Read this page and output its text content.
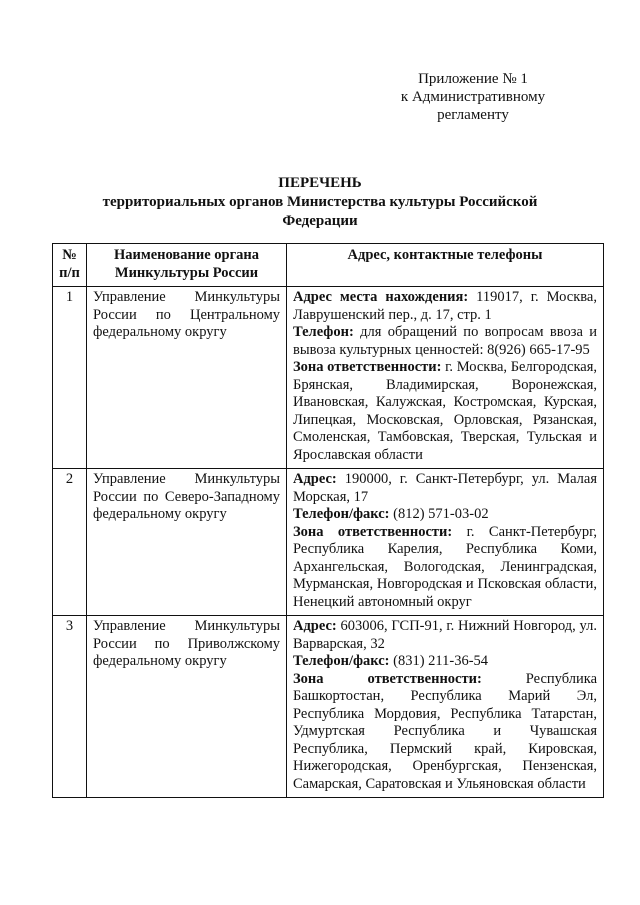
Приложение № 1
к Административному
регламенту
ПЕРЕЧЕНЬ
территориальных органов Министерства культуры Российской Федерации
№ п/п	Наименование органа Минкультуры России	Адрес, контактные телефоны
1	Управление Минкультуры России по Центральному федеральному округу	Адрес места нахождения: 119017, г. Москва, Лаврушенский пер., д. 17, стр. 1

Телефон: для обращений по вопросам ввоза и вывоза культурных ценностей: 8(926) 665-17-95

Зона ответственности: г. Москва, Белгородская, Брянская, Владимирская, Воронежская, Ивановская, Калужская, Костромская, Курская, Липецкая, Московская, Орловская, Рязанская, Смоленская, Тамбовская, Тверская, Тульская и Ярославская области

2	Управление Минкультуры России по Северо-Западному федеральному округу	Адрес: 190000, г. Санкт-Петербург, ул. Малая Морская, 17

Телефон/факс: (812) 571-03-02

Зона ответственности: г. Санкт-Петербург, Республика Карелия, Республика Коми, Архангельская, Вологодская, Ленинградская, Мурманская, Новгородская и Псковская области, Ненецкий автономный округ

3	Управление Минкультуры России по Приволжскому федеральному округу	Адрес: 603006, ГСП-91, г. Нижний Новгород, ул. Варварская, 32

Телефон/факс: (831) 211-36-54

Зона ответственности: Республика Башкортостан, Республика Марий Эл, Республика Мордовия, Республика Татарстан, Удмуртская Республика и Чувашская Республика, Пермский край, Кировская, Нижегородская, Оренбургская, Пензенская, Самарская, Саратовская и Ульяновская области
